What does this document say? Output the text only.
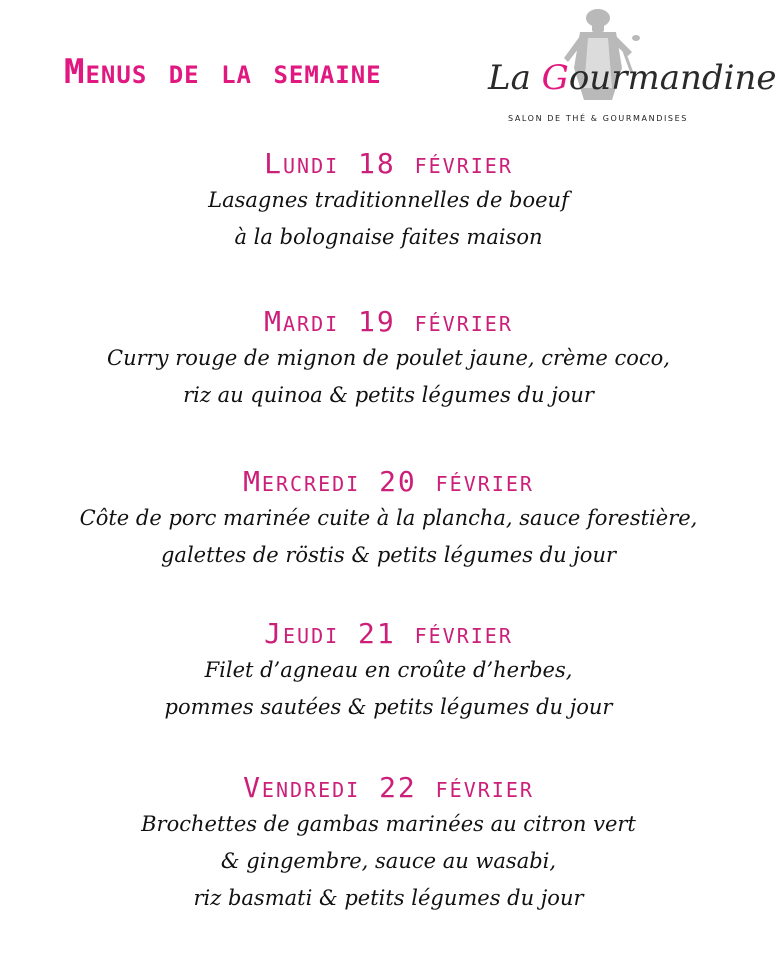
Menus de la semaine	La Gourmandine
SALON DE THÉ & GOURMANDISES
Lundi 18 février
Lasagnes traditionnelles de boeuf
à la bolognaise faites maison
Mardi 19 février
Curry rouge de mignon de poulet jaune, crème coco,
riz au quinoa & petits légumes du jour
Mercredi 20 février
Côte de porc marinée cuite à la plancha, sauce forestière,
galettes de röstis & petits légumes du jour
Jeudi 21 février
Filet d’agneau en croûte d’herbes,
pommes sautées & petits légumes du jour
Vendredi 22 février
Brochettes de gambas marinées au citron vert
& gingembre, sauce au wasabi,
riz basmati & petits légumes du jour
